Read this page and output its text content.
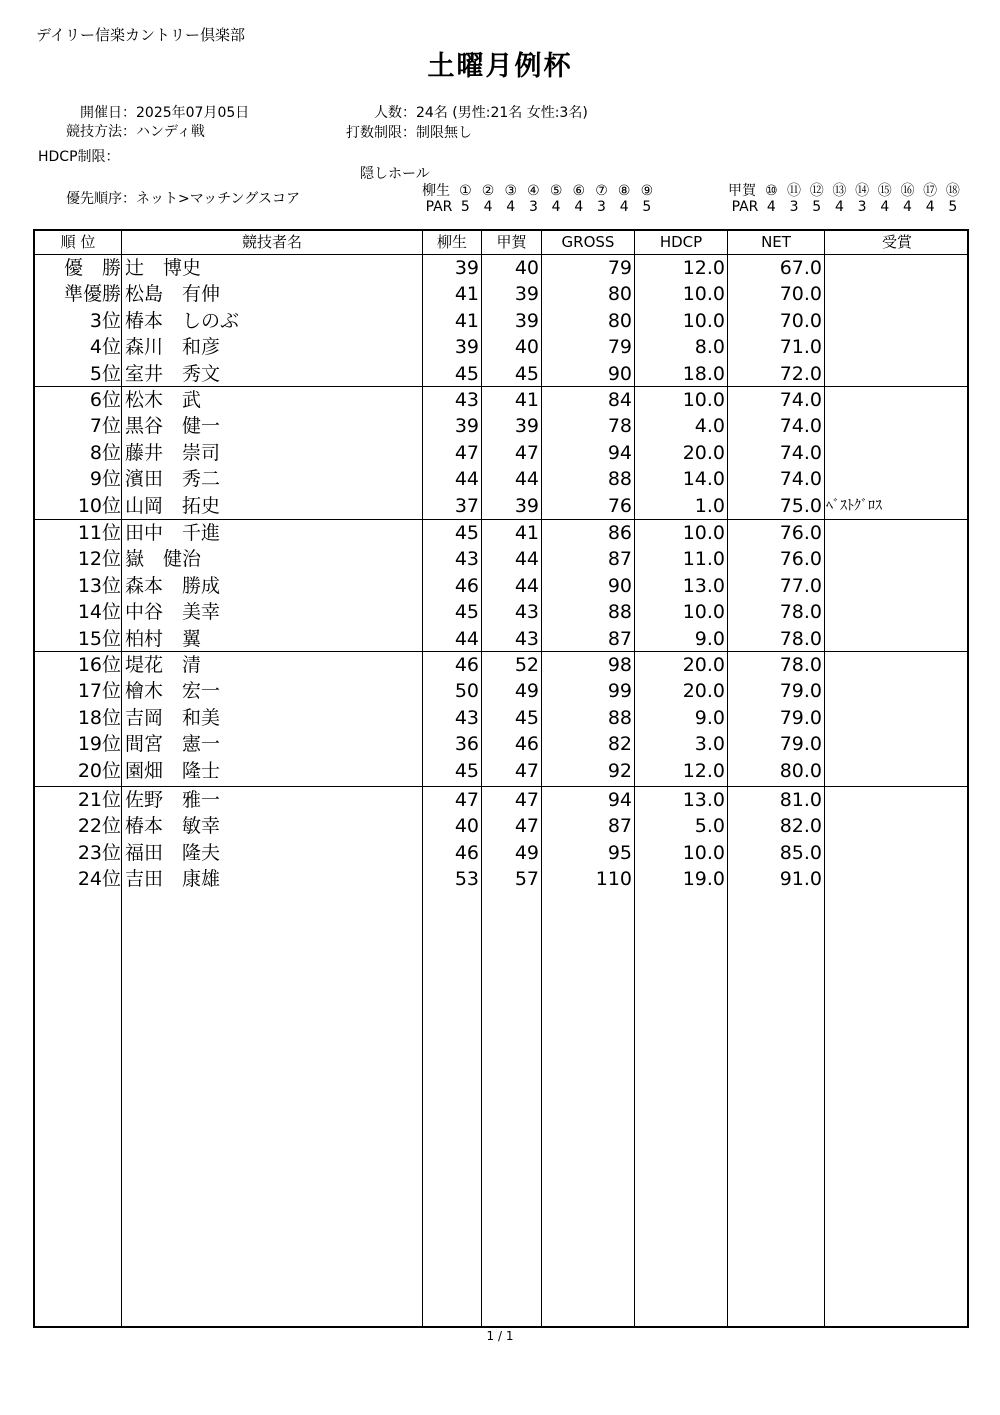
デイリー信楽カントリー倶楽部
土曜月例杯
開催日：2025年07月05日
競技方法：ハンディ戦
HDCP制限：
優先順序：ネット>マッチングスコア
人数：24名 (男性:21名 女性:3名)
打数制限：制限無し
隠しホール
柳生 ① ② ③ ④ ⑤ ⑥ ⑦ ⑧ ⑨
PAR 5 4 4 3 4 4 3 4 5
甲賀 ⑩ ⑪ ⑫ ⑬ ⑭ ⑮ ⑯ ⑰ ⑱
PAR 4 3 5 4 3 4 4 4 5
順 位	競技者名	柳生	甲賀	GROSS	HDCP	NET	受賞
優　勝 辻　博史	39	40	79	12.0	67.0
準優勝 松島　有伸	41	39	80	10.0	70.0
3位 椿本　しのぶ	41	39	80	10.0	70.0
4位 森川　和彦	39	40	79	8.0	71.0
5位 室井　秀文	45	45	90	18.0	72.0
6位 松木　武	43	41	84	10.0	74.0
7位 黒谷　健一	39	39	78	4.0	74.0
8位 藤井　崇司	47	47	94	20.0	74.0
9位 濱田　秀二	44	44	88	14.0	74.0
10位 山岡　拓史	37	39	76	1.0	75.0 ﾍﾞｽﾄｸﾞﾛｽ
11位 田中　千進	45	41	86	10.0	76.0
12位 嶽　健治	43	44	87	11.0	76.0
13位 森本　勝成	46	44	90	13.0	77.0
14位 中谷　美幸	45	43	88	10.0	78.0
15位 柏村　翼	44	43	87	9.0	78.0
16位 堤花　清	46	52	98	20.0	78.0
17位 檜木　宏一	50	49	99	20.0	79.0
18位 吉岡　和美	43	45	88	9.0	79.0
19位 間宮　憲一	36	46	82	3.0	79.0
20位 園畑　隆士	45	47	92	12.0	80.0
21位 佐野　雅一	47	47	94	13.0	81.0
22位 椿本　敏幸	40	47	87	5.0	82.0
23位 福田　隆夫	46	49	95	10.0	85.0
24位 吉田　康雄	53	57	110	19.0	91.0
1 / 1
